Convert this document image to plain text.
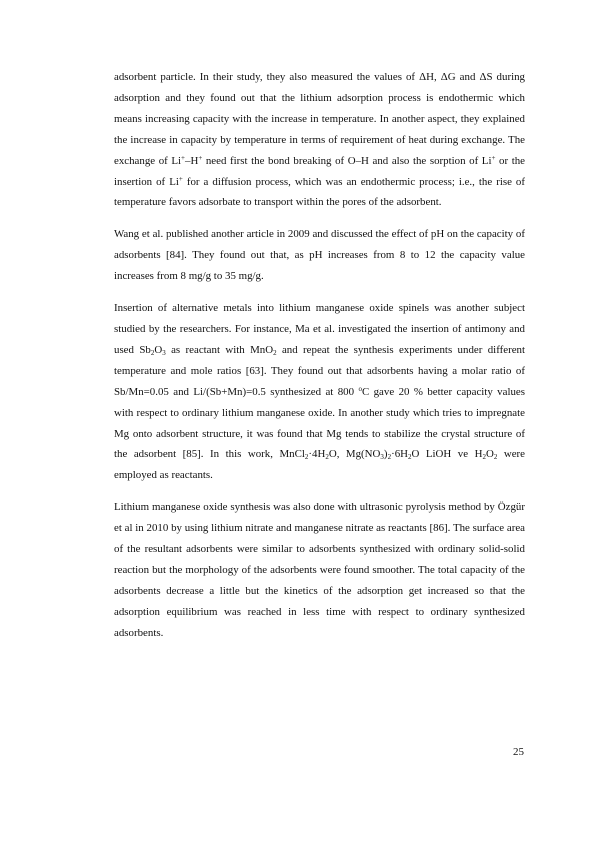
adsorbent particle. In their study, they also measured the values of ΔH, ΔG and ΔS during adsorption and they found out that the lithium adsorption process is endothermic which means increasing capacity with the increase in temperature. In another aspect, they explained the increase in capacity by temperature in terms of requirement of heat during exchange. The exchange of Li+–H+ need first the bond breaking of O–H and also the sorption of Li+ or the insertion of Li+ for a diffusion process, which was an endothermic process; i.e., the rise of temperature favors adsorbate to transport within the pores of the adsorbent.

Wang et al. published another article in 2009 and discussed the effect of pH on the capacity of adsorbents [84]. They found out that, as pH increases from 8 to 12 the capacity value increases from 8 mg/g to 35 mg/g.

Insertion of alternative metals into lithium manganese oxide spinels was another subject studied by the researchers. For instance, Ma et al. investigated the insertion of antimony and used $Sb_2O_3$ as reactant with MnO$_2$ and repeat the synthesis experiments under different temperature and mole ratios [63]. They found out that adsorbents having a molar ratio of Sb/Mn=0.05 and Li/(Sb+Mn)=0.5 synthesized at 800 $^o$C gave 20 % better capacity values with respect to ordinary lithium manganese oxide. In another study which tries to impregnate Mg onto adsorbent structure, it was found that Mg tends to stabilize the crystal structure of the adsorbent [85]. In this work, $MnCl_2\cdot 4H_2O$, $Mg(NO_3)_2\cdot 6H_2O$ LiOH ve $H_2O_2$ were employed as reactants.

Lithium manganese oxide synthesis was also done with ultrasonic pyrolysis method by Özgür et al in 2010 by using lithium nitrate and manganese nitrate as reactants [86]. The surface area of the resultant adsorbents were similar to adsorbents synthesized with ordinary solid-solid reaction but the morphology of the adsorbents were found smoother. The total capacity of the adsorbents decrease a little but the kinetics of the adsorption get increased so that the adsorption equilibrium was reached in less time with respect to ordinary synthesized adsorbents.

25
